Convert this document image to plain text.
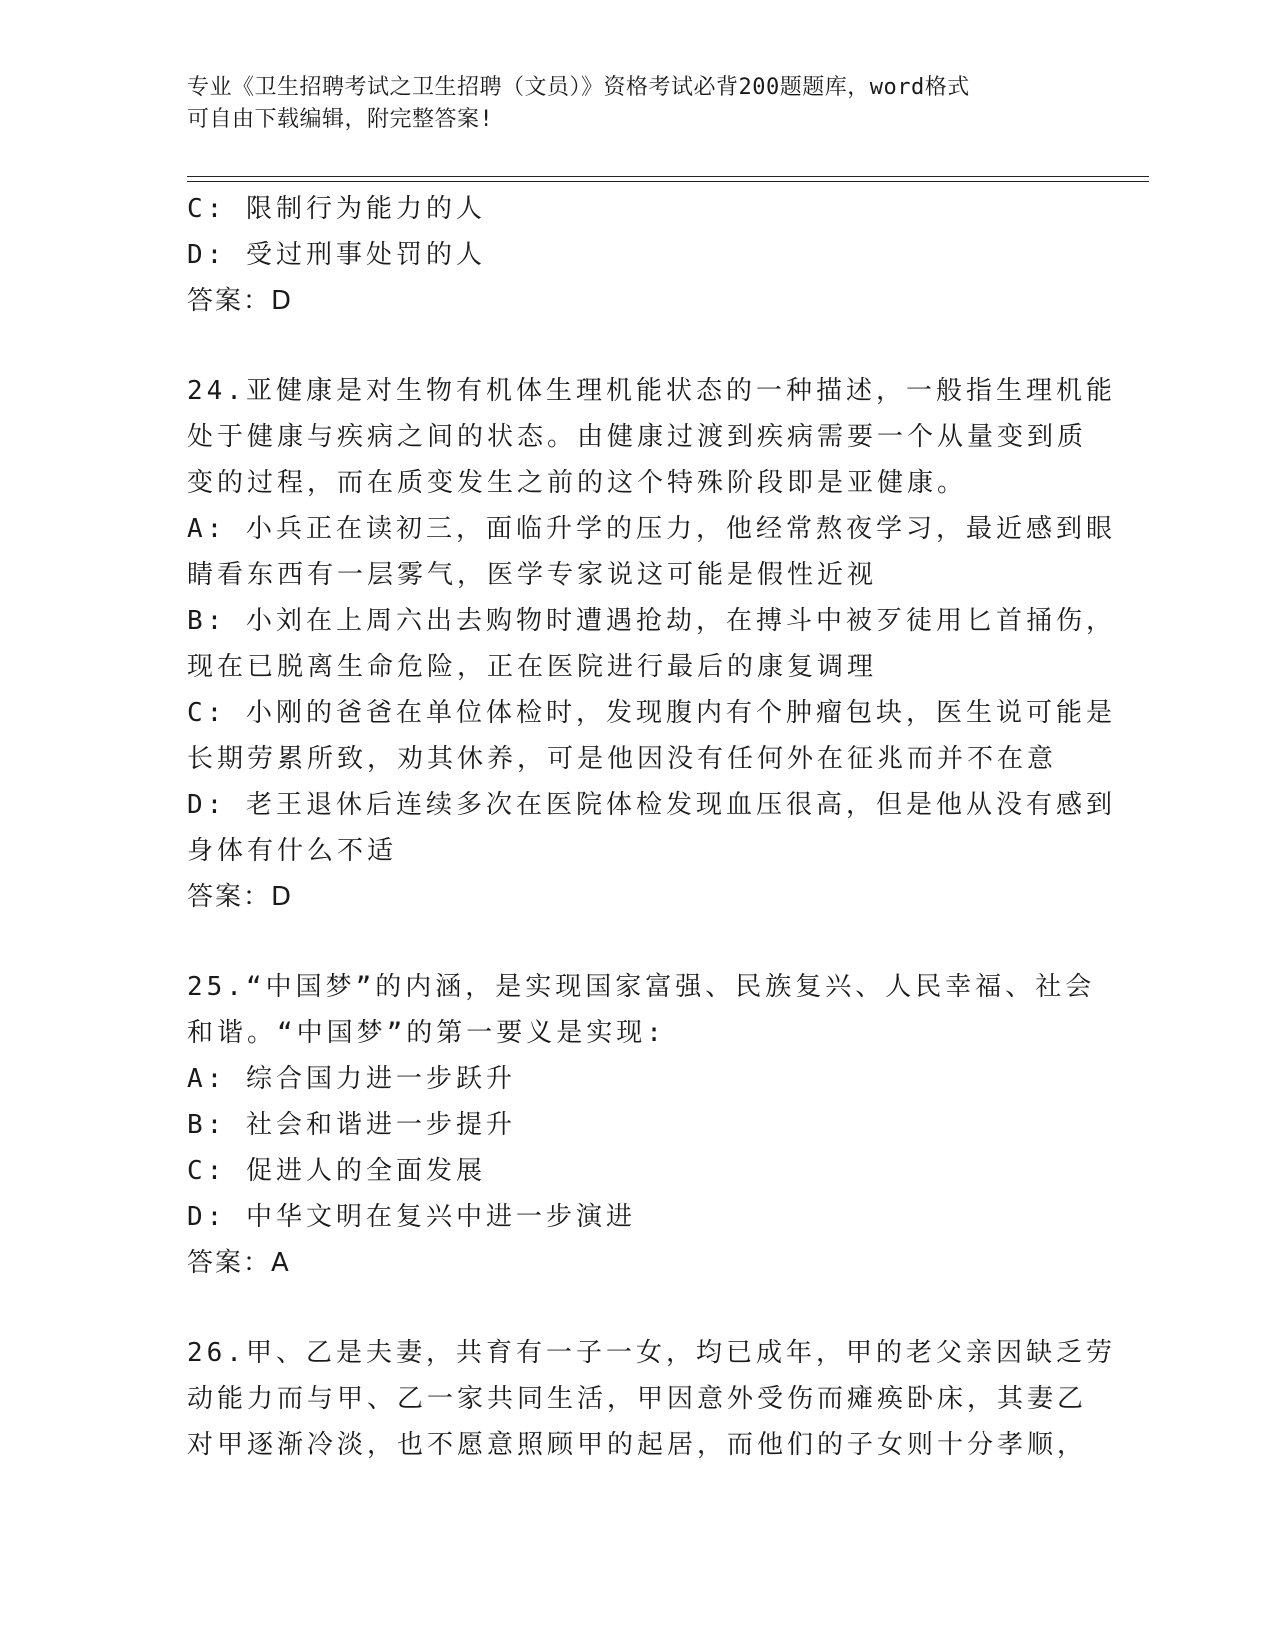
专业《卫生招聘考试之卫生招聘（文员）》资格考试必背200题题库，word格式
可自由下载编辑，附完整答案!
C: 限制行为能力的人
D: 受过刑事处罚的人
答案：D
24.亚健康是对生物有机体生理机能状态的一种描述，一般指生理机能
处于健康与疾病之间的状态。由健康过渡到疾病需要一个从量变到质
变的过程，而在质变发生之前的这个特殊阶段即是亚健康。
A: 小兵正在读初三，面临升学的压力，他经常熬夜学习，最近感到眼
睛看东西有一层雾气，医学专家说这可能是假性近视
B: 小刘在上周六出去购物时遭遇抢劫，在搏斗中被歹徒用匕首捅伤，
现在已脱离生命危险，正在医院进行最后的康复调理
C: 小刚的爸爸在单位体检时，发现腹内有个肿瘤包块，医生说可能是
长期劳累所致，劝其休养，可是他因没有任何外在征兆而并不在意
D: 老王退休后连续多次在医院体检发现血压很高，但是他从没有感到
身体有什么不适
答案：D
25.“中国梦”的内涵，是实现国家富强、民族复兴、人民幸福、社会
和谐。“中国梦”的第一要义是实现:
A: 综合国力进一步跃升
B: 社会和谐进一步提升
C: 促进人的全面发展
D: 中华文明在复兴中进一步演进
答案：A
26.甲、乙是夫妻，共育有一子一女，均已成年，甲的老父亲因缺乏劳
动能力而与甲、乙一家共同生活，甲因意外受伤而瘫痪卧床，其妻乙
对甲逐渐冷淡，也不愿意照顾甲的起居，而他们的子女则十分孝顺，
